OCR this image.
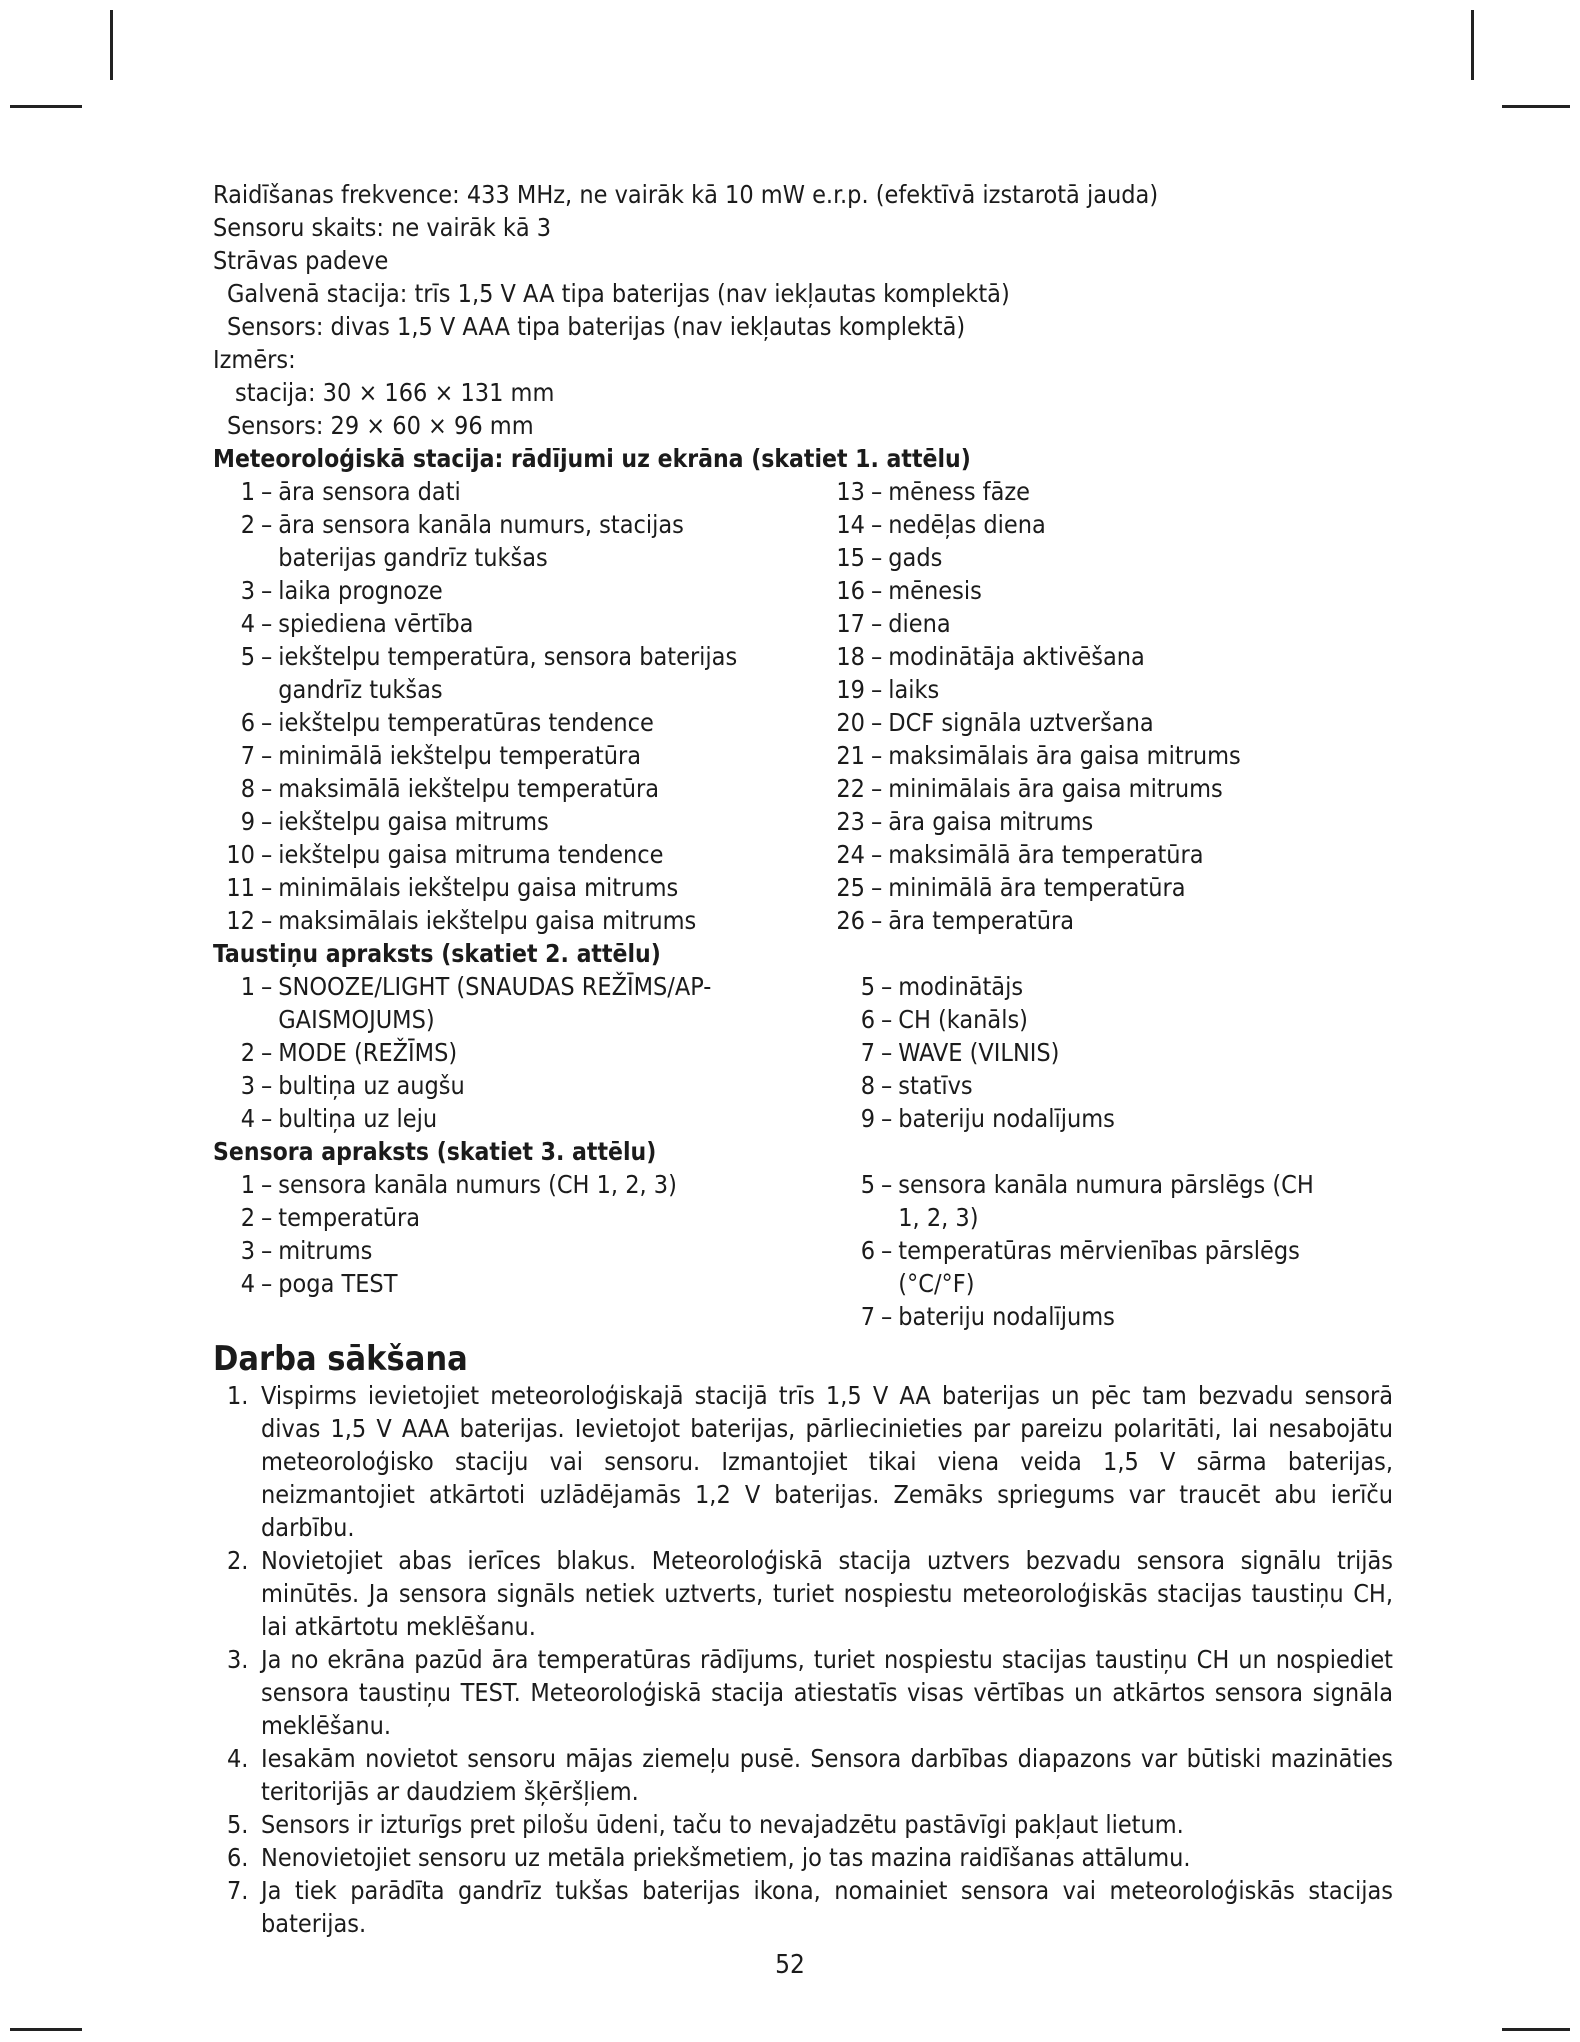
Raidīšanas frekvence: 433 MHz, ne vairāk kā 10 mW e.r.p. (efektīvā izstarotā jauda)
Sensoru skaits: ne vairāk kā 3
Strāvas padeve
Galvenā stacija: trīs 1,5 V AA tipa baterijas (nav iekļautas komplektā)
Sensors: divas 1,5 V AAA tipa baterijas (nav iekļautas komplektā)
Izmērs:
stacija: 30 × 166 × 131 mm
Sensors: 29 × 60 × 96 mm
Meteoroloģiskā stacija: rādījumi uz ekrāna (skatiet 1. attēlu)
1 – āra sensora dati
2 – āra sensora kanāla numurs, stacijas baterijas gandrīz tukšas
3 – laika prognoze
4 – spiediena vērtība
5 – iekštelpu temperatūra, sensora baterijas gandrīz tukšas
6 – iekštelpu temperatūras tendence
7 – minimālā iekštelpu temperatūra
8 – maksimālā iekštelpu temperatūra
9 – iekštelpu gaisa mitrums
10 – iekštelpu gaisa mitruma tendence
11 – minimālais iekštelpu gaisa mitrums
12 – maksimālais iekštelpu gaisa mitrums
13 – mēness fāze
14 – nedēļas diena
15 – gads
16 – mēnesis
17 – diena
18 – modinātāja aktivēšana
19 – laiks
20 – DCF signāla uztveršana
21 – maksimālais āra gaisa mitrums
22 – minimālais āra gaisa mitrums
23 – āra gaisa mitrums
24 – maksimālā āra temperatūra
25 – minimālā āra temperatūra
26 – āra temperatūra
Taustiņu apraksts (skatiet 2. attēlu)
1 – SNOOZE/LIGHT (SNAUDAS REŽĪMS/AP-GAISMOJUMS)
2 – MODE (REŽĪMS)
3 – bultiņa uz augšu
4 – bultiņa uz leju
5 – modinātājs
6 – CH (kanāls)
7 – WAVE (VILNIS)
8 – statīvs
9 – bateriju nodalījums
Sensora apraksts (skatiet 3. attēlu)
1 – sensora kanāla numurs (CH 1, 2, 3)
2 – temperatūra
3 – mitrums
4 – poga TEST
5 – sensora kanāla numura pārslēgs (CH 1, 2, 3)
6 – temperatūras mērvienības pārslēgs (°C/°F)
7 – bateriju nodalījums
Darba sākšana
1. Vispirms ievietojiet meteoroloģiskajā stacijā trīs 1,5 V AA baterijas un pēc tam bezvadu sensorā divas 1,5 V AAA baterijas. Ievietojot baterijas, pārliecinieties par pareizu polaritāti, lai nesabojātu meteoroloģisko staciju vai sensoru. Izmantojiet tikai viena veida 1,5 V sārma baterijas, neizmantojiet atkārtoti uzlādējamās 1,2 V baterijas. Zemāks spriegums var traucēt abu ierīču darbību.
2. Novietojiet abas ierīces blakus. Meteoroloģiskā stacija uztvers bezvadu sensora signālu trijās minūtēs. Ja sensora signāls netiek uztverts, turiet nospiestu meteoroloģiskās stacijas taustiņu CH, lai atkārtotu meklēšanu.
3. Ja no ekrāna pazūd āra temperatūras rādījums, turiet nospiestu stacijas taustiņu CH un nospiediet sensora taustiņu TEST. Meteoroloģiskā stacija atiestatīs visas vērtības un atkārtos sensora signāla meklēšanu.
4. Iesakām novietot sensoru mājas ziemeļu pusē. Sensora darbības diapazons var būtiski mazināties teritorijās ar daudziem šķēršļiem.
5. Sensors ir izturīgs pret pilošu ūdeni, taču to nevajadzētu pastāvīgi pakļaut lietum.
6. Nenovietojiet sensoru uz metāla priekšmetiem, jo tas mazina raidīšanas attālumu.
7. Ja tiek parādīta gandrīz tukšas baterijas ikona, nomainiet sensora vai meteoroloģiskās stacijas baterijas.
52
